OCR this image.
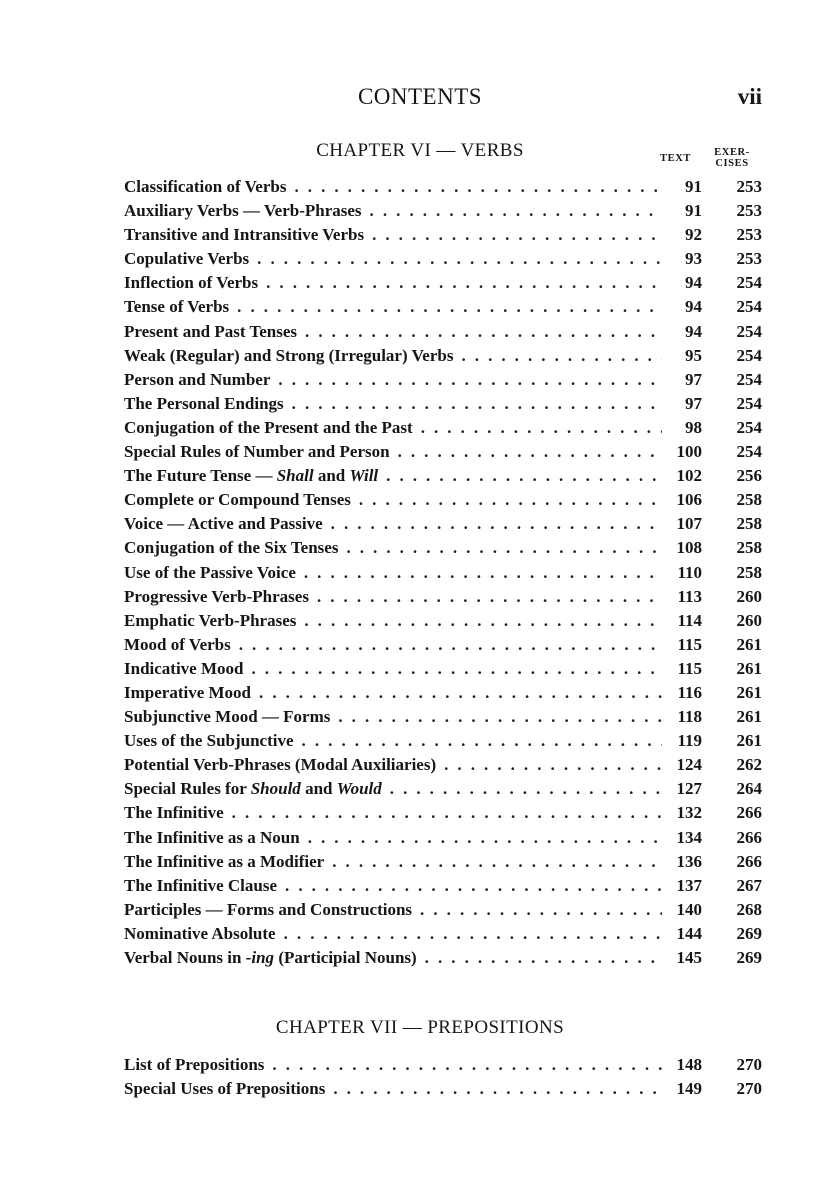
CONTENTS	vii
CHAPTER VI — VERBS	TEXT
EXER-
CISES
Classification of Verbs . . .	91	253
Auxiliary Verbs — Verb-Phrases . . .	91	253
Transitive and Intransitive Verbs . . .	92	253
Copulative Verbs . . .	93	253
Inflection of Verbs . . .	94	254
Tense of Verbs . . .	94	254
Present and Past Tenses . . .	94	254
Weak (Regular) and Strong (Irregular) Verbs . . .	95	254
Person and Number . . .	97	254
The Personal Endings . . .	97	254
Conjugation of the Present and the Past . . .	98	254
Special Rules of Number and Person . . .	100	254
The Future Tense — Shall and Will . . .	102	256
Complete or Compound Tenses . . .	106	258
Voice — Active and Passive . . .	107	258
Conjugation of the Six Tenses . . .	108	258
Use of the Passive Voice . . .	110	258
Progressive Verb-Phrases . . .	113	260
Emphatic Verb-Phrases . . .	114	260
Mood of Verbs . . .	115	261
Indicative Mood . . .	115	261
Imperative Mood . . .	116	261
Subjunctive Mood — Forms . . .	118	261
Uses of the Subjunctive . . .	119	261
Potential Verb-Phrases (Modal Auxiliaries) . . .	124	262
Special Rules for Should and Would . . .	127	264
The Infinitive . . .	132	266
The Infinitive as a Noun . . .	134	266
The Infinitive as a Modifier . . .	136	266
The Infinitive Clause . . .	137	267
Participles — Forms and Constructions . . .	140	268
Nominative Absolute . . .	144	269
Verbal Nouns in -ing (Participial Nouns) . . .	145	269
CHAPTER VII — PREPOSITIONS
List of Prepositions . . .	148	270
Special Uses of Prepositions . . .	149	270
